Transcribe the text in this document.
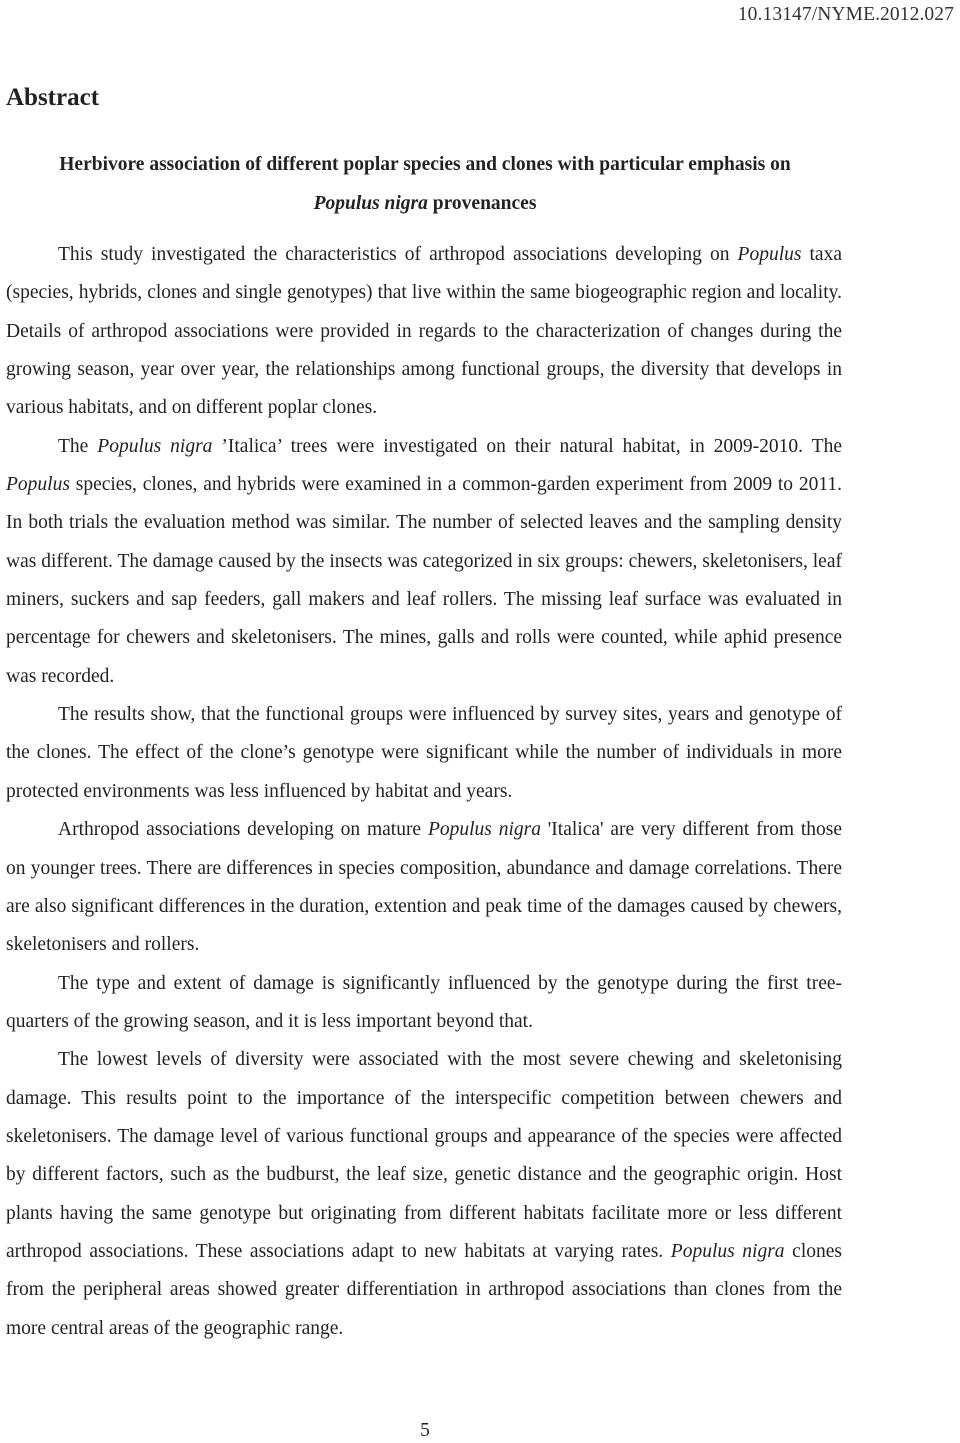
10.13147/NYME.2012.027
Abstract

Herbivore association of different poplar species and clones with particular emphasis on

Populus nigra provenances

This study investigated the characteristics of arthropod associations developing on Populus taxa (species, hybrids, clones and single genotypes) that live within the same biogeographic region and locality. Details of arthropod associations were provided in regards to the characterization of changes during the growing season, year over year, the relationships among functional groups, the diversity that develops in various habitats, and on different poplar clones.

The Populus nigra ’Italica’ trees were investigated on their natural habitat, in 2009-2010. The Populus species, clones, and hybrids were examined in a common-garden experiment from 2009 to 2011. In both trials the evaluation method was similar. The number of selected leaves and the sampling density was different. The damage caused by the insects was categorized in six groups: chewers, skeletonisers, leaf miners, suckers and sap feeders, gall makers and leaf rollers. The missing leaf surface was evaluated in percentage for chewers and skeletonisers. The mines, galls and rolls were counted, while aphid presence was recorded.

The results show, that the functional groups were influenced by survey sites, years and genotype of the clones. The effect of the clone’s genotype were significant while the number of individuals in more protected environments was less influenced by habitat and years.

Arthropod associations developing on mature Populus nigra 'Italica' are very different from those on younger trees. There are differences in species composition, abundance and damage correlations. There are also significant differences in the duration, extention and peak time of the damages caused by chewers, skeletonisers and rollers.

The type and extent of damage is significantly influenced by the genotype during the first tree-quarters of the growing season, and it is less important beyond that.

The lowest levels of diversity were associated with the most severe chewing and skeletonising damage. This results point to the importance of the interspecific competition between chewers and skeletonisers. The damage level of various functional groups and appearance of the species were affected by different factors, such as the budburst, the leaf size, genetic distance and the geographic origin. Host plants having the same genotype but originating from different habitats facilitate more or less different arthropod associations. These associations adapt to new habitats at varying rates. Populus nigra clones from the peripheral areas showed greater differentiation in arthropod associations than clones from the more central areas of the geographic range.

5
